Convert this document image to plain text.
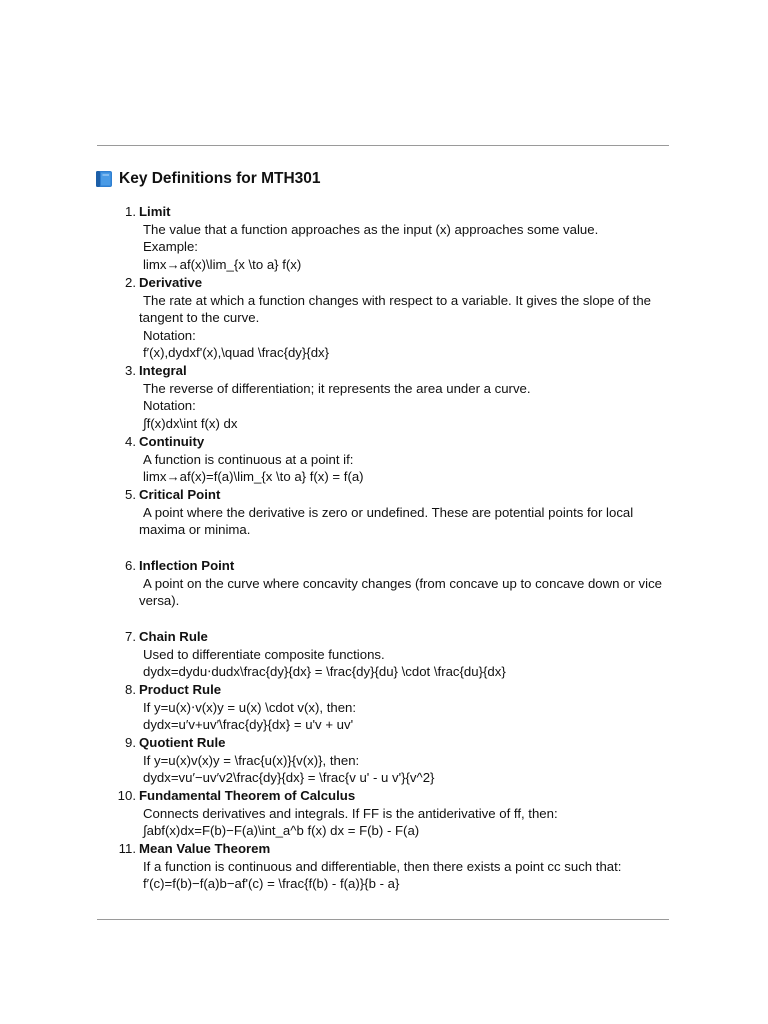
Key Definitions for MTH301
1. Limit
The value that a function approaches as the input (x) approaches some value.
Example:
limx→af(x)\lim_{x \to a} f(x)
2. Derivative
The rate at which a function changes with respect to a variable. It gives the slope of the tangent to the curve.
Notation:
f′(x),dydxf'(x),\quad \frac{dy}{dx}
3. Integral
The reverse of differentiation; it represents the area under a curve.
Notation:
∫f(x)dx\int f(x) dx
4. Continuity
A function is continuous at a point if:
limx→af(x)=f(a)\lim_{x \to a} f(x) = f(a)
5. Critical Point
A point where the derivative is zero or undefined. These are potential points for local maxima or minima.
6. Inflection Point
A point on the curve where concavity changes (from concave up to concave down or vice versa).
7. Chain Rule
Used to differentiate composite functions.
dydx=dydu⋅dudx\frac{dy}{dx} = \frac{dy}{du} \cdot \frac{du}{dx}
8. Product Rule
If y=u(x)⋅v(x)y = u(x) \cdot v(x), then:
dydx=u′v+uv′\frac{dy}{dx} = u'v + uv'
9. Quotient Rule
If y=u(x)v(x)y = \frac{u(x)}{v(x)}, then:
dydx=vu′−uv′v2\frac{dy}{dx} = \frac{v u' - u v'}{v^2}
10. Fundamental Theorem of Calculus
Connects derivatives and integrals. If FF is the antiderivative of ff, then:
∫abf(x)dx=F(b)−F(a)\int_a^b f(x) dx = F(b) - F(a)
11. Mean Value Theorem
If a function is continuous and differentiable, then there exists a point cc such that:
f′(c)=f(b)−f(a)b−af'(c) = \frac{f(b) - f(a)}{b - a}
